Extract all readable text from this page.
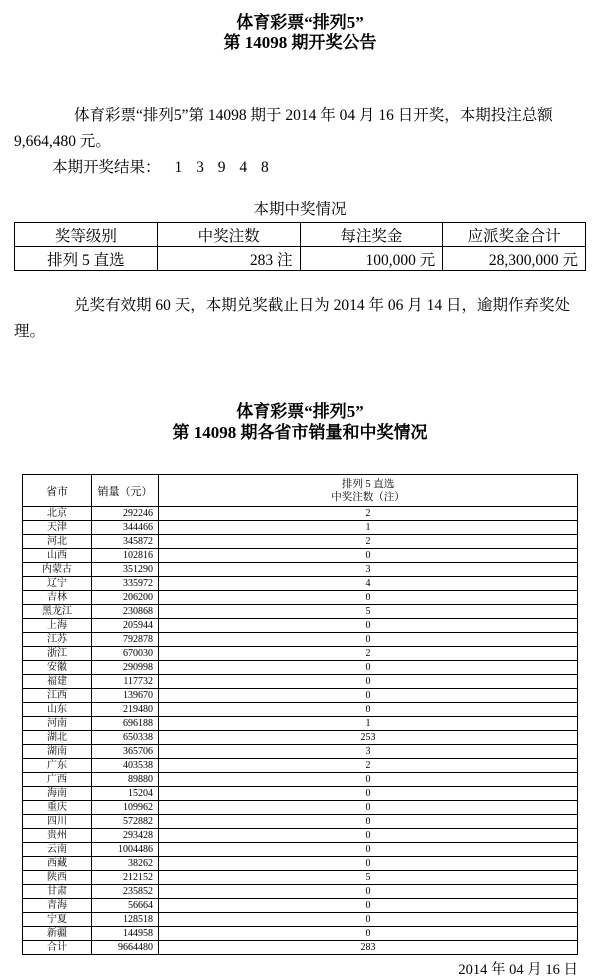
体育彩票“排列5”
第 14098 期开奖公告

体育彩票“排列5”第 14098 期于 2014 年 04 月 16 日开奖，本期投注总额 9,664,480 元。

本期开奖结果： 1 3 9 4 8

本期中奖情况
奖等级别	中奖注数	每注奖金	应派奖金合计
排列 5 直选	283 注	100,000 元	28,300,000 元

兑奖有效期 60 天，本期兑奖截止日为 2014 年 06 月 14 日，逾期作弃奖处理。

体育彩票“排列5”
第 14098 期各省市销量和中奖情况
省市	销量（元）	排列 5 直选
中奖注数（注）

北京	292246	2
天津	344466	1
河北	345872	2
山西	102816	0
内蒙古	351290	3
辽宁	335972	4
吉林	206200	0
黑龙江	230868	5
上海	205944	0
江苏	792878	0
浙江	670030	2
安徽	290998	0
福建	117732	0
江西	139670	0
山东	219480	0
河南	696188	1
湖北	650338	253
湖南	365706	3
广东	403538	2
广西	89880	0
海南	15204	0
重庆	109962	0
四川	572882	0
贵州	293428	0
云南	1004486	0
西藏	38262	0
陕西	212152	5
甘肃	235852	0
青海	56664	0
宁夏	128518	0
新疆	144958	0
合计	9664480	283
2014 年 04 月 16 日
